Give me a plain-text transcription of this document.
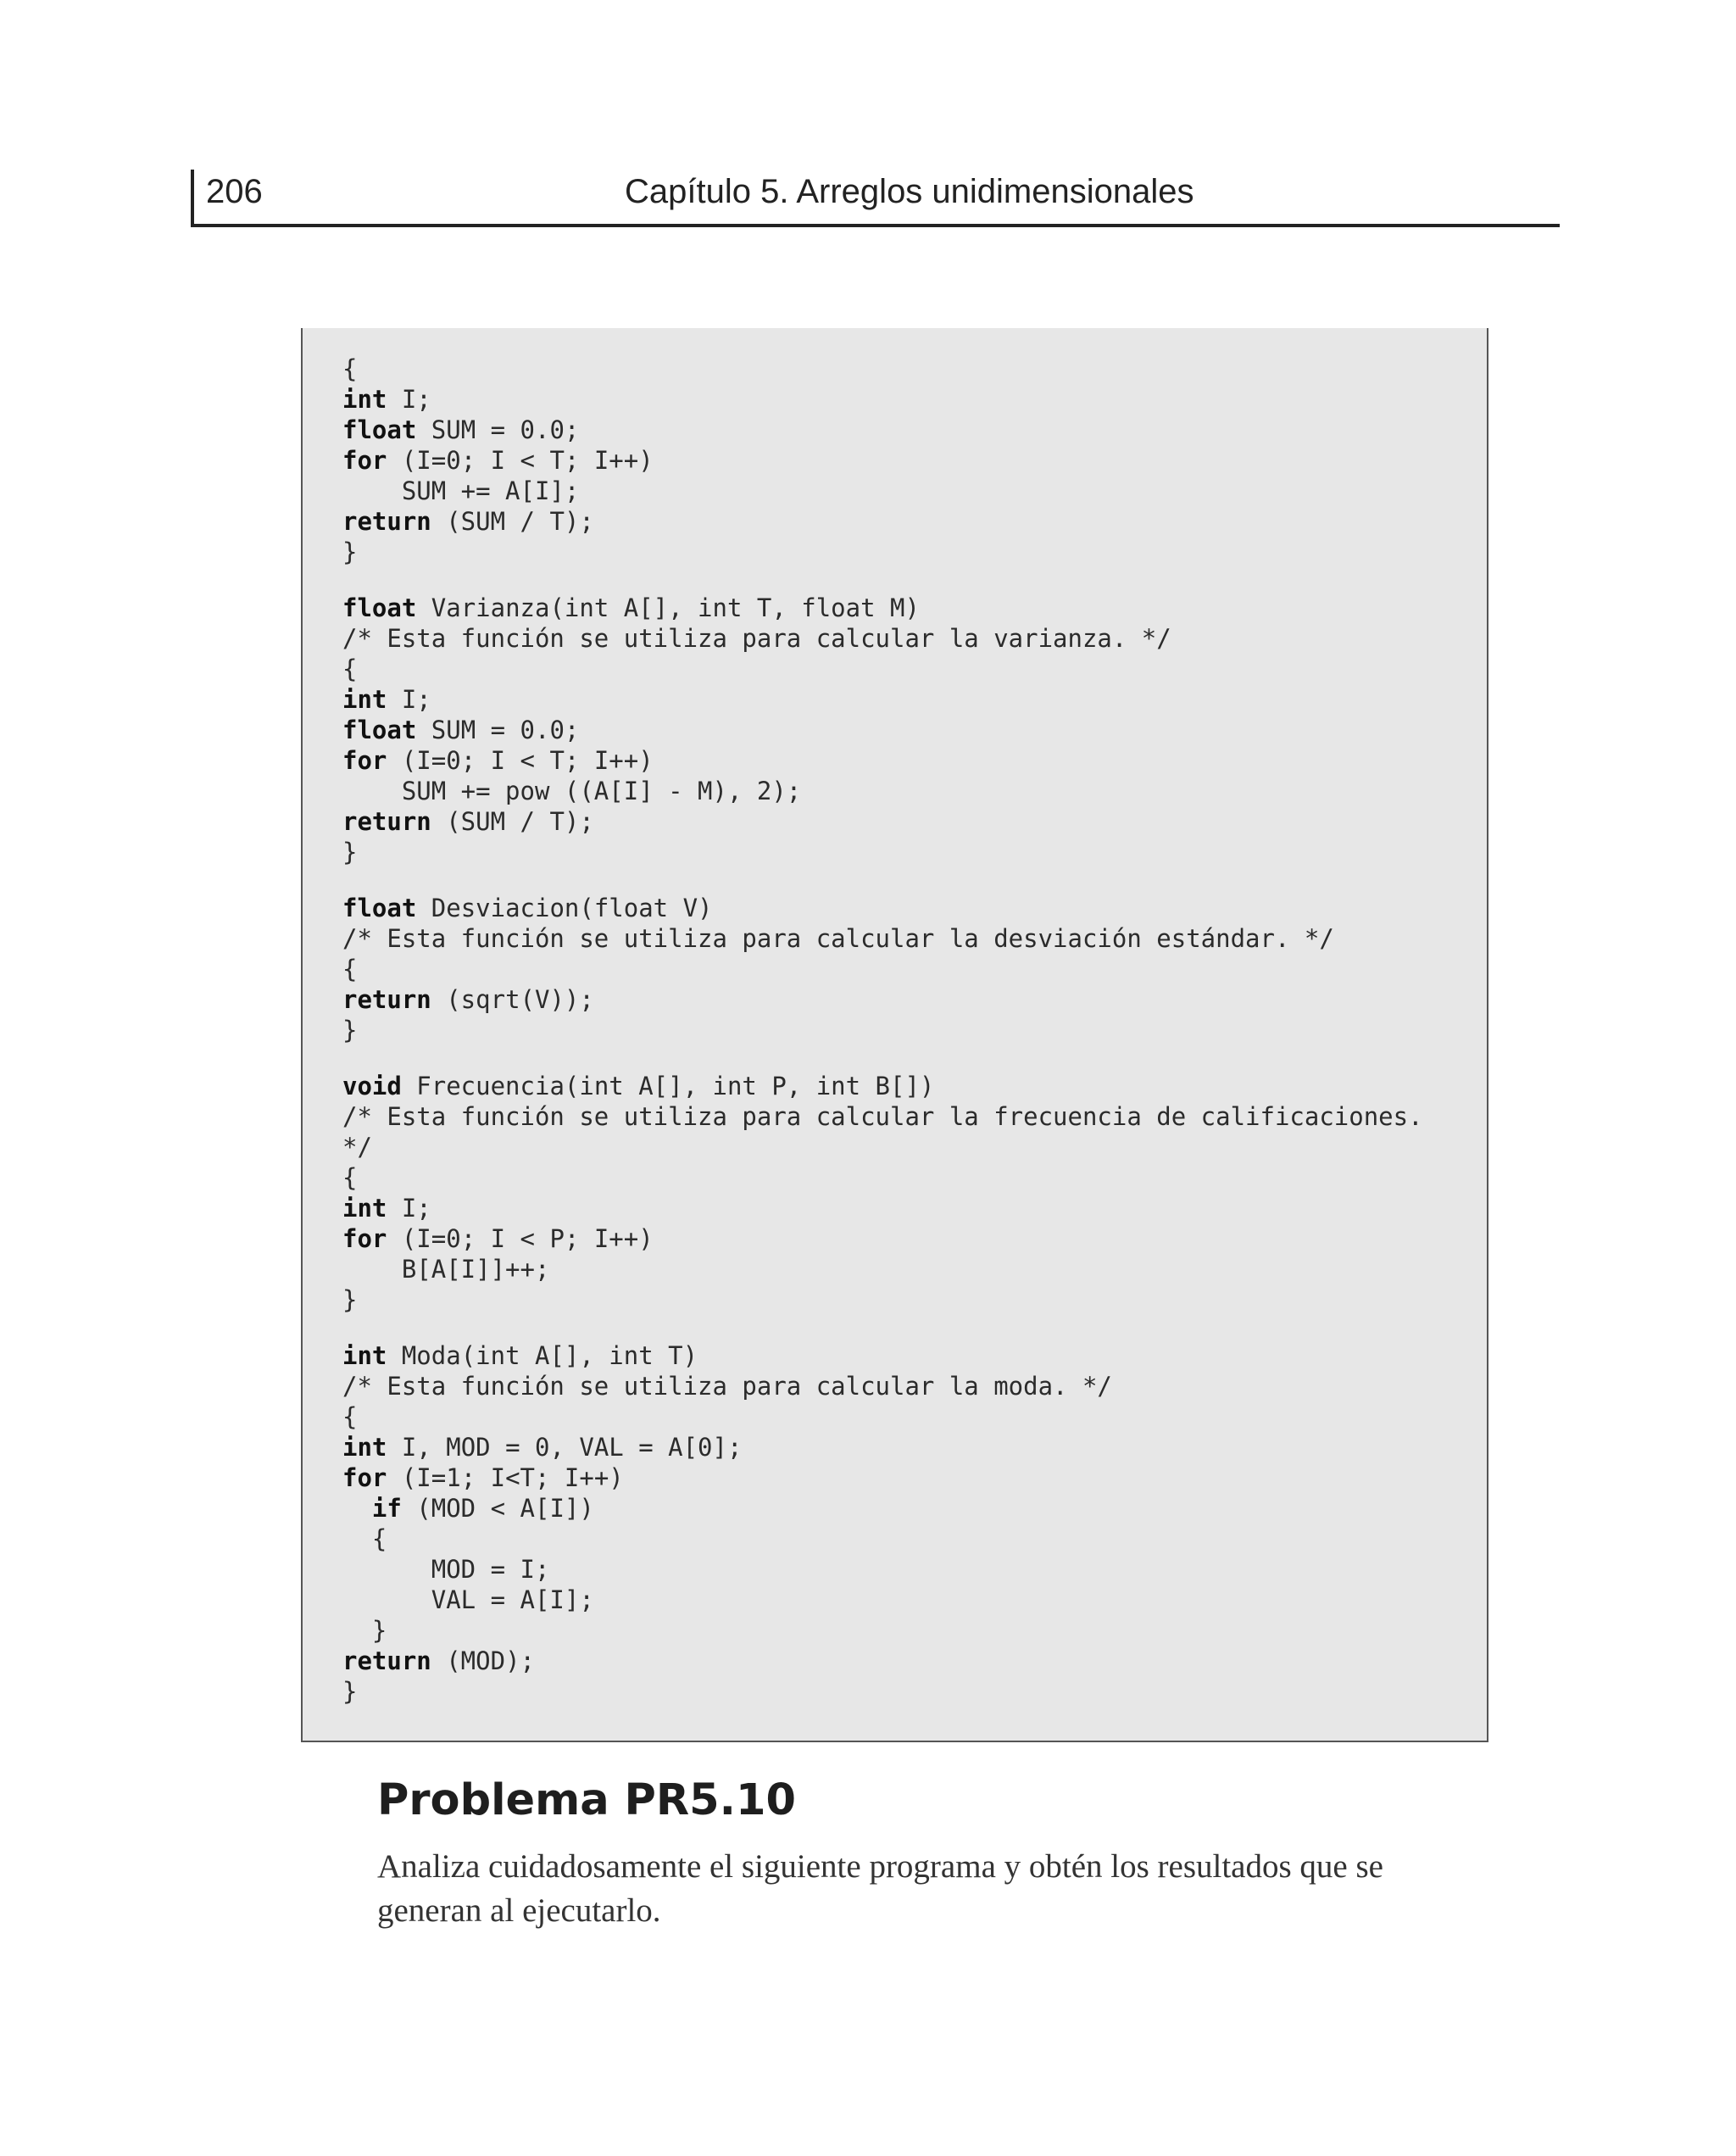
206	Capítulo 5. Arreglos unidimensionales
{
int I;
float SUM = 0.0;
for (I=0; I < T; I++)
SUM += A[I];
return (SUM / T);
}
float Varianza(int A[], int T, float M)
/* Esta función se utiliza para calcular la varianza. */
{
int I;
float SUM = 0.0;
for (I=0; I < T; I++)
SUM += pow ((A[I] - M), 2);
return (SUM / T);
}
float Desviacion(float V)
/* Esta función se utiliza para calcular la desviación estándar. */
{
return (sqrt(V));
}
void Frecuencia(int A[], int P, int B[])
/* Esta función se utiliza para calcular la frecuencia de calificaciones.
*/
{
int I;
for (I=0; I < P; I++)
B[A[I]]++;
}
int Moda(int A[], int T)
/* Esta función se utiliza para calcular la moda. */
{
int I, MOD = 0, VAL = A[0];
for (I=1; I<T; I++)
if (MOD < A[I])
{
MOD = I;
VAL = A[I];
}
return (MOD);
}
Problema PR5.10

Analiza cuidadosamente el siguiente programa y obtén los resultados que se generan al ejecutarlo.
